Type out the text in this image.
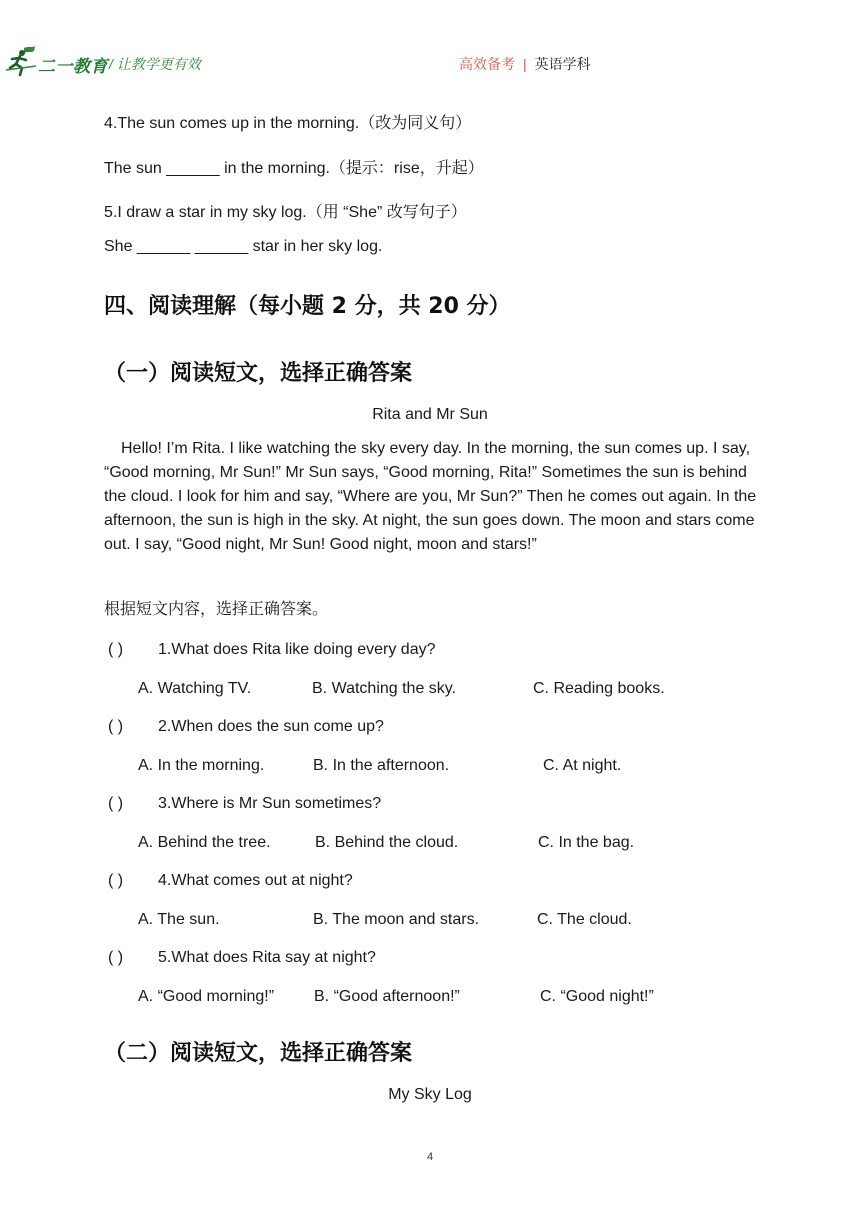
二一教育 / 让教学更有效	高效备考 | 英语学科
4.The sun comes up in the morning.（改为同义句）
The sun ______ in the morning.（提示：rise，升起）
5.I draw a star in my sky log.（用 “She” 改写句子）
She ______ ______ star in her sky log.
四、阅读理解（每小题 2 分，共 20 分）
（一）阅读短文，选择正确答案
Rita and Mr Sun

Hello! I’m Rita. I like watching the sky every day. In the morning, the sun comes up. I say, “Good morning, Mr Sun!” Mr Sun says, “Good morning, Rita!” Sometimes the sun is behind the cloud. I look for him and say, “Where are you, Mr Sun?” Then he comes out again. In the afternoon, the sun is high in the sky. At night, the sun goes down. The moon and stars come out. I say, “Good night, Mr Sun! Good night, moon and stars!”

根据短文内容，选择正确答案。
( ) 1.What does Rita like doing every day?
A. Watching TV.	B. Watching the sky.	C. Reading books.
( ) 2.When does the sun come up?
A. In the morning.	B. In the afternoon.	C. At night.
( ) 3.Where is Mr Sun sometimes?
A. Behind the tree.	B. Behind the cloud.	C. In the bag.
( ) 4.What comes out at night?
A. The sun.	B. The moon and stars.	C. The cloud.
( ) 5.What does Rita say at night?
A. “Good morning!” B. “Good afternoon!”	C. “Good night!”
（二）阅读短文，选择正确答案
My Sky Log
4
